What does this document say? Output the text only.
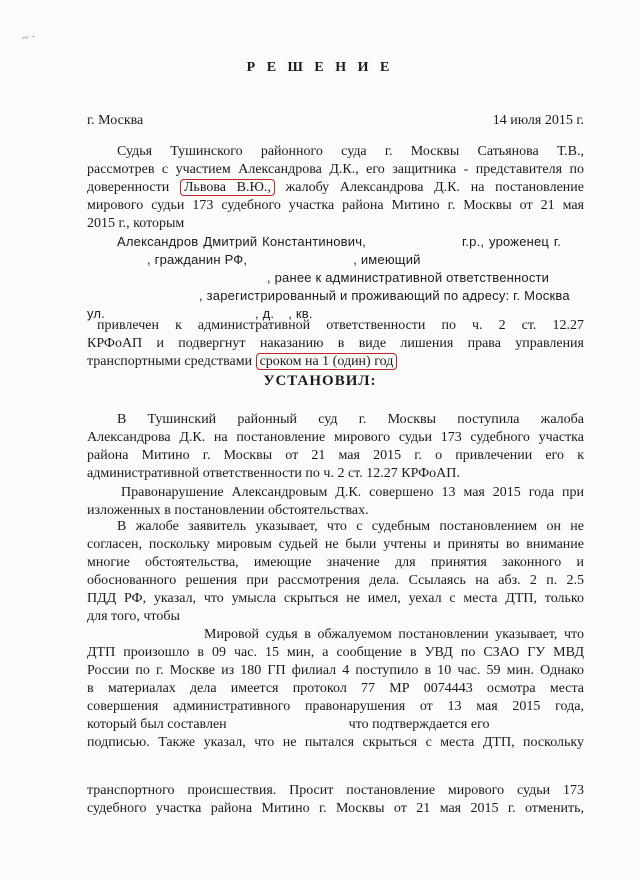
~ ·
Р Е Ш Е Н И Е
г. Москва	14 июля 2015 г.
Судья Тушинского районного суда г. Москвы Сатьянова Т.В.,
рассмотрев с участием Александрова Д.К., его защитника - представителя по
доверенности Львова В.Ю., жалобу Александрова Д.К. на постановление
мирового судьи 173 судебного участка района Митино г. Москвы от 21 мая
2015 г., которым
Александров Дмитрий Константинович,	г.р., уроженец г.
, гражданин РФ,	, имеющий
, ранее к административной ответственности
, зарегистрированный и проживающий по адресу: г. Москва
ул.	, д. , кв.
привлечен к административной ответственности по ч. 2 ст. 12.27
КРФоАП и подвергнут наказанию в виде лишения права управления
транспортными средствами сроком на 1 (один) год
УСТАНОВИЛ:
В Тушинский районный суд г. Москвы поступила жалоба
Александрова Д.К. на постановление мирового судьи 173 судебного участка
района Митино г. Москвы от 21 мая 2015 г. о привлечении его к
административной ответственности по ч. 2 ст. 12.27 КРФоАП.
Правонарушение Александровым Д.К. совершено 13 мая 2015 года при
изложенных в постановлении обстоятельствах.
В жалобе заявитель указывает, что с судебным постановлением он не
согласен, поскольку мировым судьей не были учтены и приняты во внимание
многие обстоятельства, имеющие значение для принятия законного и
обоснованного решения при рассмотрения дела. Ссылаясь на абз. 2 п. 2.5
ПДД РФ, указал, что умысла скрыться не имел, уехал с места ДТП, только
для того, чтобы
Мировой судья в обжалуемом постановлении указывает, что
ДТП произошло в 09 час. 15 мин, а сообщение в УВД по СЗАО ГУ МВД
России по г. Москве из 180 ГП филиал 4 поступило в 10 час. 59 мин. Однако
в материалах дела имеется протокол 77 МР 0074443 осмотра места
совершения административного правонарушения от 13 мая 2015 года,
который был составлен	что подтверждается его
подписью. Также указал, что не пытался скрыться с места ДТП, поскольку
транспортного происшествия. Просит постановление мирового судьи 173
судебного участка района Митино г. Москвы от 21 мая 2015 г. отменить,
